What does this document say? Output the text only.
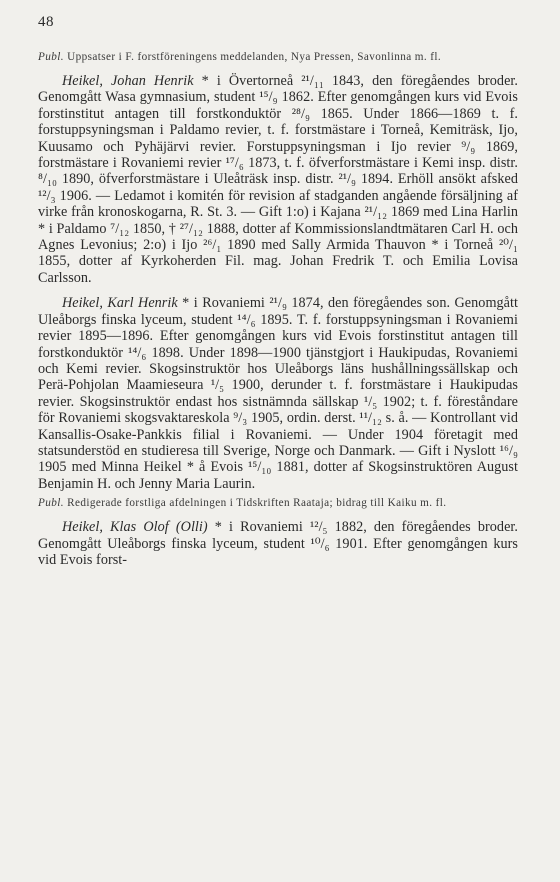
48
Publ. Uppsatser i F. forstföreningens meddelanden, Nya Pressen, Savonlinna m. fl.
Heikel, Johan Henrik * i Övertorneå ²¹/₁₁ 1843, den föregåendes broder. Genomgått Wasa gymnasium, student ¹⁵/₉ 1862. Efter genomgången kurs vid Evois forstinstitut antagen till forstkonduktör ²⁸/₉ 1865. Under 1866—1869 t. f. forstuppsyningsman i Paldamo revier, t. f. forstmästare i Torneå, Kemiträsk, Ijo, Kuusamo och Pyhäjärvi revier. Forstuppsyningsman i Ijo revier ⁹/₉ 1869, forstmästare i Rovaniemi revier ¹⁷/₆ 1873, t. f. öfverforstmästare i Kemi insp. distr. ⁸/₁₀ 1890, öfverforstmästare i Uleåträsk insp. distr. ²¹/₉ 1894. Erhöll ansökt afsked ¹²/₃ 1906. — Ledamot i komitén för revision af stadganden angående försäljning af virke från kronoskogarna, R. St. 3. — Gift 1:o) i Kajana ²¹/₁₂ 1869 med Lina Harlin * i Paldamo ⁷/₁₂ 1850, † ²⁷/₁₂ 1888, dotter af Kommissionslandtmätaren Carl H. och Agnes Levonius; 2:o) i Ijo ²⁶/₁ 1890 med Sally Armida Thauvon * i Torneå ²⁰/₁ 1855, dotter af Kyrkoherden Fil. mag. Johan Fredrik T. och Emilia Lovisa Carlsson.
Heikel, Karl Henrik * i Rovaniemi ²¹/₉ 1874, den föregåendes son. Genomgått Uleåborgs finska lyceum, student ¹⁴/₆ 1895. T. f. forstuppsyningsman i Rovaniemi revier 1895—1896. Efter genomgången kurs vid Evois forstinstitut antagen till forstkonduktör ¹⁴/₆ 1898. Under 1898—1900 tjänstgjort i Haukipudas, Rovaniemi och Kemi revier. Skogsinstruktör hos Uleåborgs läns hushållningssällskap och Perä-Pohjolan Maamieseura ¹/₅ 1900, derunder t. f. forstmästare i Haukipudas revier. Skogsinstruktör endast hos sistnämnda sällskap ¹/₅ 1902; t. f. föreståndare för Rovaniemi skogsvaktareskola ⁹/₃ 1905, ordin. derst. ¹¹/₁₂ s. å. — Kontrollant vid Kansallis-Osake-Pankkis filial i Rovaniemi. — Under 1904 företagit med statsunderstöd en studieresa till Sverige, Norge och Danmark. — Gift i Nyslott ¹⁶/₉ 1905 med Minna Heikel * å Evois ¹⁵/₁₀ 1881, dotter af Skogsinstruktören August Benjamin H. och Jenny Maria Laurin.
Publ. Redigerade forstliga afdelningen i Tidskriften Raataja; bidrag till Kaiku m. fl.
Heikel, Klas Olof (Olli) * i Rovaniemi ¹²/₅ 1882, den föregåendes broder. Genomgått Uleåborgs finska lyceum, student ¹⁰/₆ 1901. Efter genomgången kurs vid Evois forst-
